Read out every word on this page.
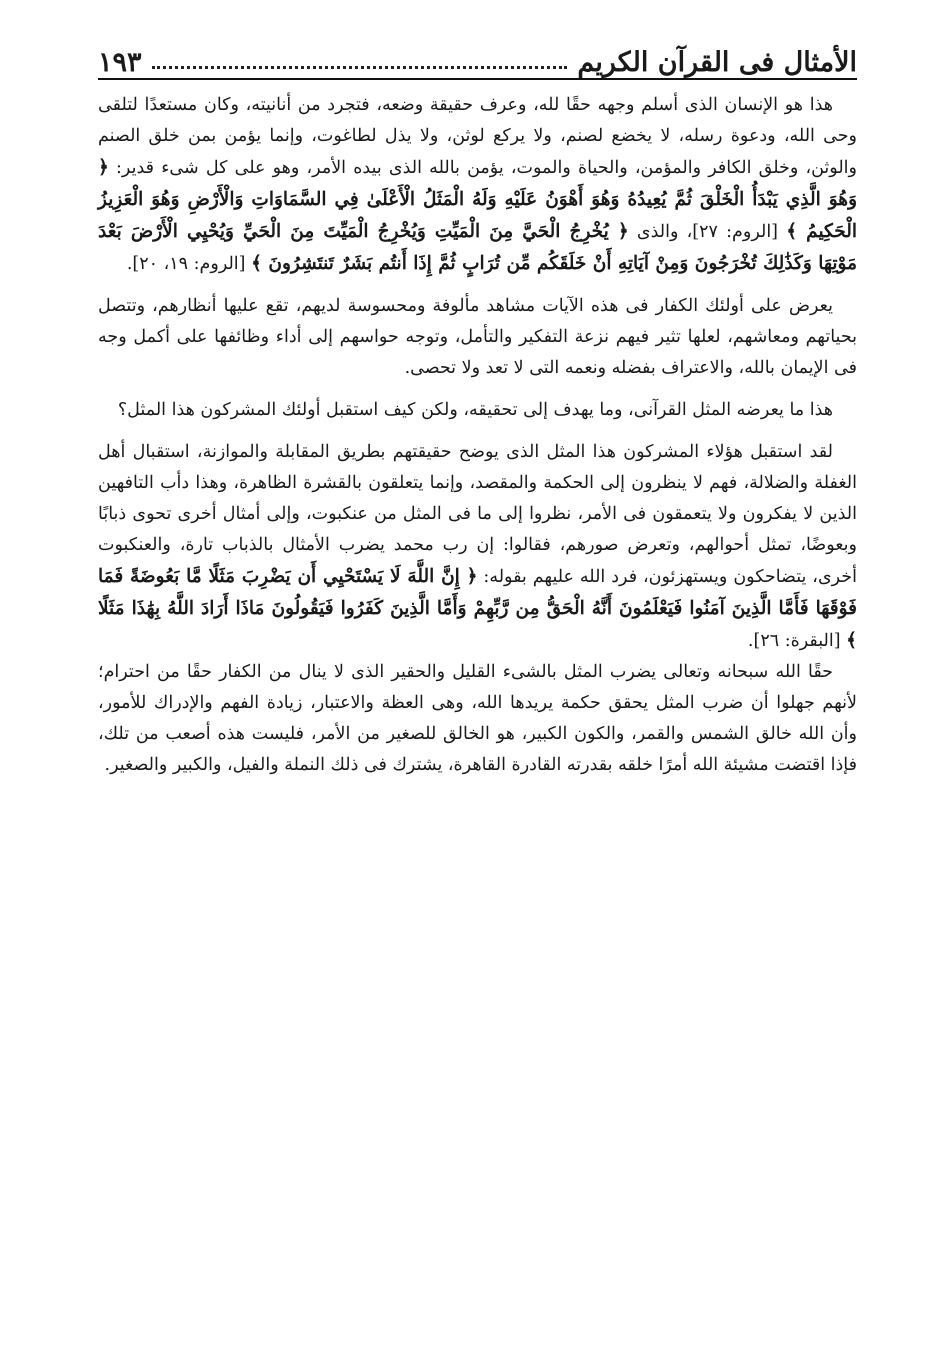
الأمثال فى القرآن الكريم
١٩٣

هذا هو الإنسان الذى أسلم وجهه حقًا لله، وعرف حقيقة وضعه، فتجرد من أنانيته، وكان مستعدًا لتلقى وحى الله، ودعوة رسله، لا يخضع لصنم، ولا يركع لوثن، ولا يذل لطاغوت، وإنما يؤمن بمن خلق الصنم والوثن، وخلق الكافر والمؤمن، والحياة والموت، يؤمن بالله الذى بيده الأمر، وهو على كل شىء قدير: ﴿ وَهُوَ الَّذِي يَبْدَأُ الْخَلْقَ ثُمَّ يُعِيدُهُ وَهُوَ أَهْوَنُ عَلَيْهِ وَلَهُ الْمَثَلُ الْأَعْلَىٰ فِي السَّمَاوَاتِ وَالْأَرْضِ وَهُوَ الْعَزِيزُ الْحَكِيمُ ﴾ [الروم: ٢٧]، والذى ﴿ يُخْرِجُ الْحَيَّ مِنَ الْمَيِّتِ وَيُخْرِجُ الْمَيِّتَ مِنَ الْحَيِّ وَيُحْيِي الْأَرْضَ بَعْدَ مَوْتِهَا وَكَذَٰلِكَ تُخْرَجُونَ وَمِنْ آيَاتِهِ أَنْ خَلَقَكُم مِّن تُرَابٍ ثُمَّ إِذَا أَنتُم بَشَرٌ تَنتَشِرُونَ ﴾ [الروم: ١٩، ٢٠].

يعرض على أولئك الكفار فى هذه الآيات مشاهد مألوفة ومحسوسة لديهم، تقع عليها أنظارهم، وتتصل بحياتهم ومعاشهم، لعلها تثير فيهم نزعة التفكير والتأمل، وتوجه حواسهم إلى أداء وظائفها على أكمل وجه فى الإيمان بالله، والاعتراف بفضله ونعمه التى لا تعد ولا تحصى.

هذا ما يعرضه المثل القرآنى، وما يهدف إلى تحقيقه، ولكن كيف استقبل أولئك المشركون هذا المثل؟

لقد استقبل هؤلاء المشركون هذا المثل الذى يوضح حقيقتهم بطريق المقابلة والموازنة، استقبال أهل الغفلة والضلالة، فهم لا ينظرون إلى الحكمة والمقصد، وإنما يتعلقون بالقشرة الظاهرة، وهذا دأب التافهين الذين لا يفكرون ولا يتعمقون فى الأمر، نظروا إلى ما فى المثل من عنكبوت، وإلى أمثال أخرى تحوى ذبابًا وبعوضًا، تمثل أحوالهم، وتعرض صورهم، فقالوا: إن رب محمد يضرب الأمثال بالذباب تارة، والعنكبوت أخرى، يتضاحكون ويستهزئون، فرد الله عليهم بقوله: ﴿ إِنَّ اللَّهَ لَا يَسْتَحْيِي أَن يَضْرِبَ مَثَلًا مَّا بَعُوضَةً فَمَا فَوْقَهَا فَأَمَّا الَّذِينَ آمَنُوا فَيَعْلَمُونَ أَنَّهُ الْحَقُّ مِن رَّبِّهِمْ وَأَمَّا الَّذِينَ كَفَرُوا فَيَقُولُونَ مَاذَا أَرَادَ اللَّهُ بِهَٰذَا مَثَلًا ﴾ [البقرة: ٢٦].

حقًا الله سبحانه وتعالى يضرب المثل بالشىء القليل والحقير الذى لا ينال من الكفار حقًا من احترام؛ لأنهم جهلوا أن ضرب المثل يحقق حكمة يريدها الله، وهى العظة والاعتبار، زيادة الفهم والإدراك للأمور، وأن الله خالق الشمس والقمر، والكون الكبير، هو الخالق للصغير من الأمر، فليست هذه أصعب من تلك، فإذا اقتضت مشيئة الله أمرًا خلقه بقدرته القادرة القاهرة، يشترك فى ذلك النملة والفيل، والكبير والصغير.
